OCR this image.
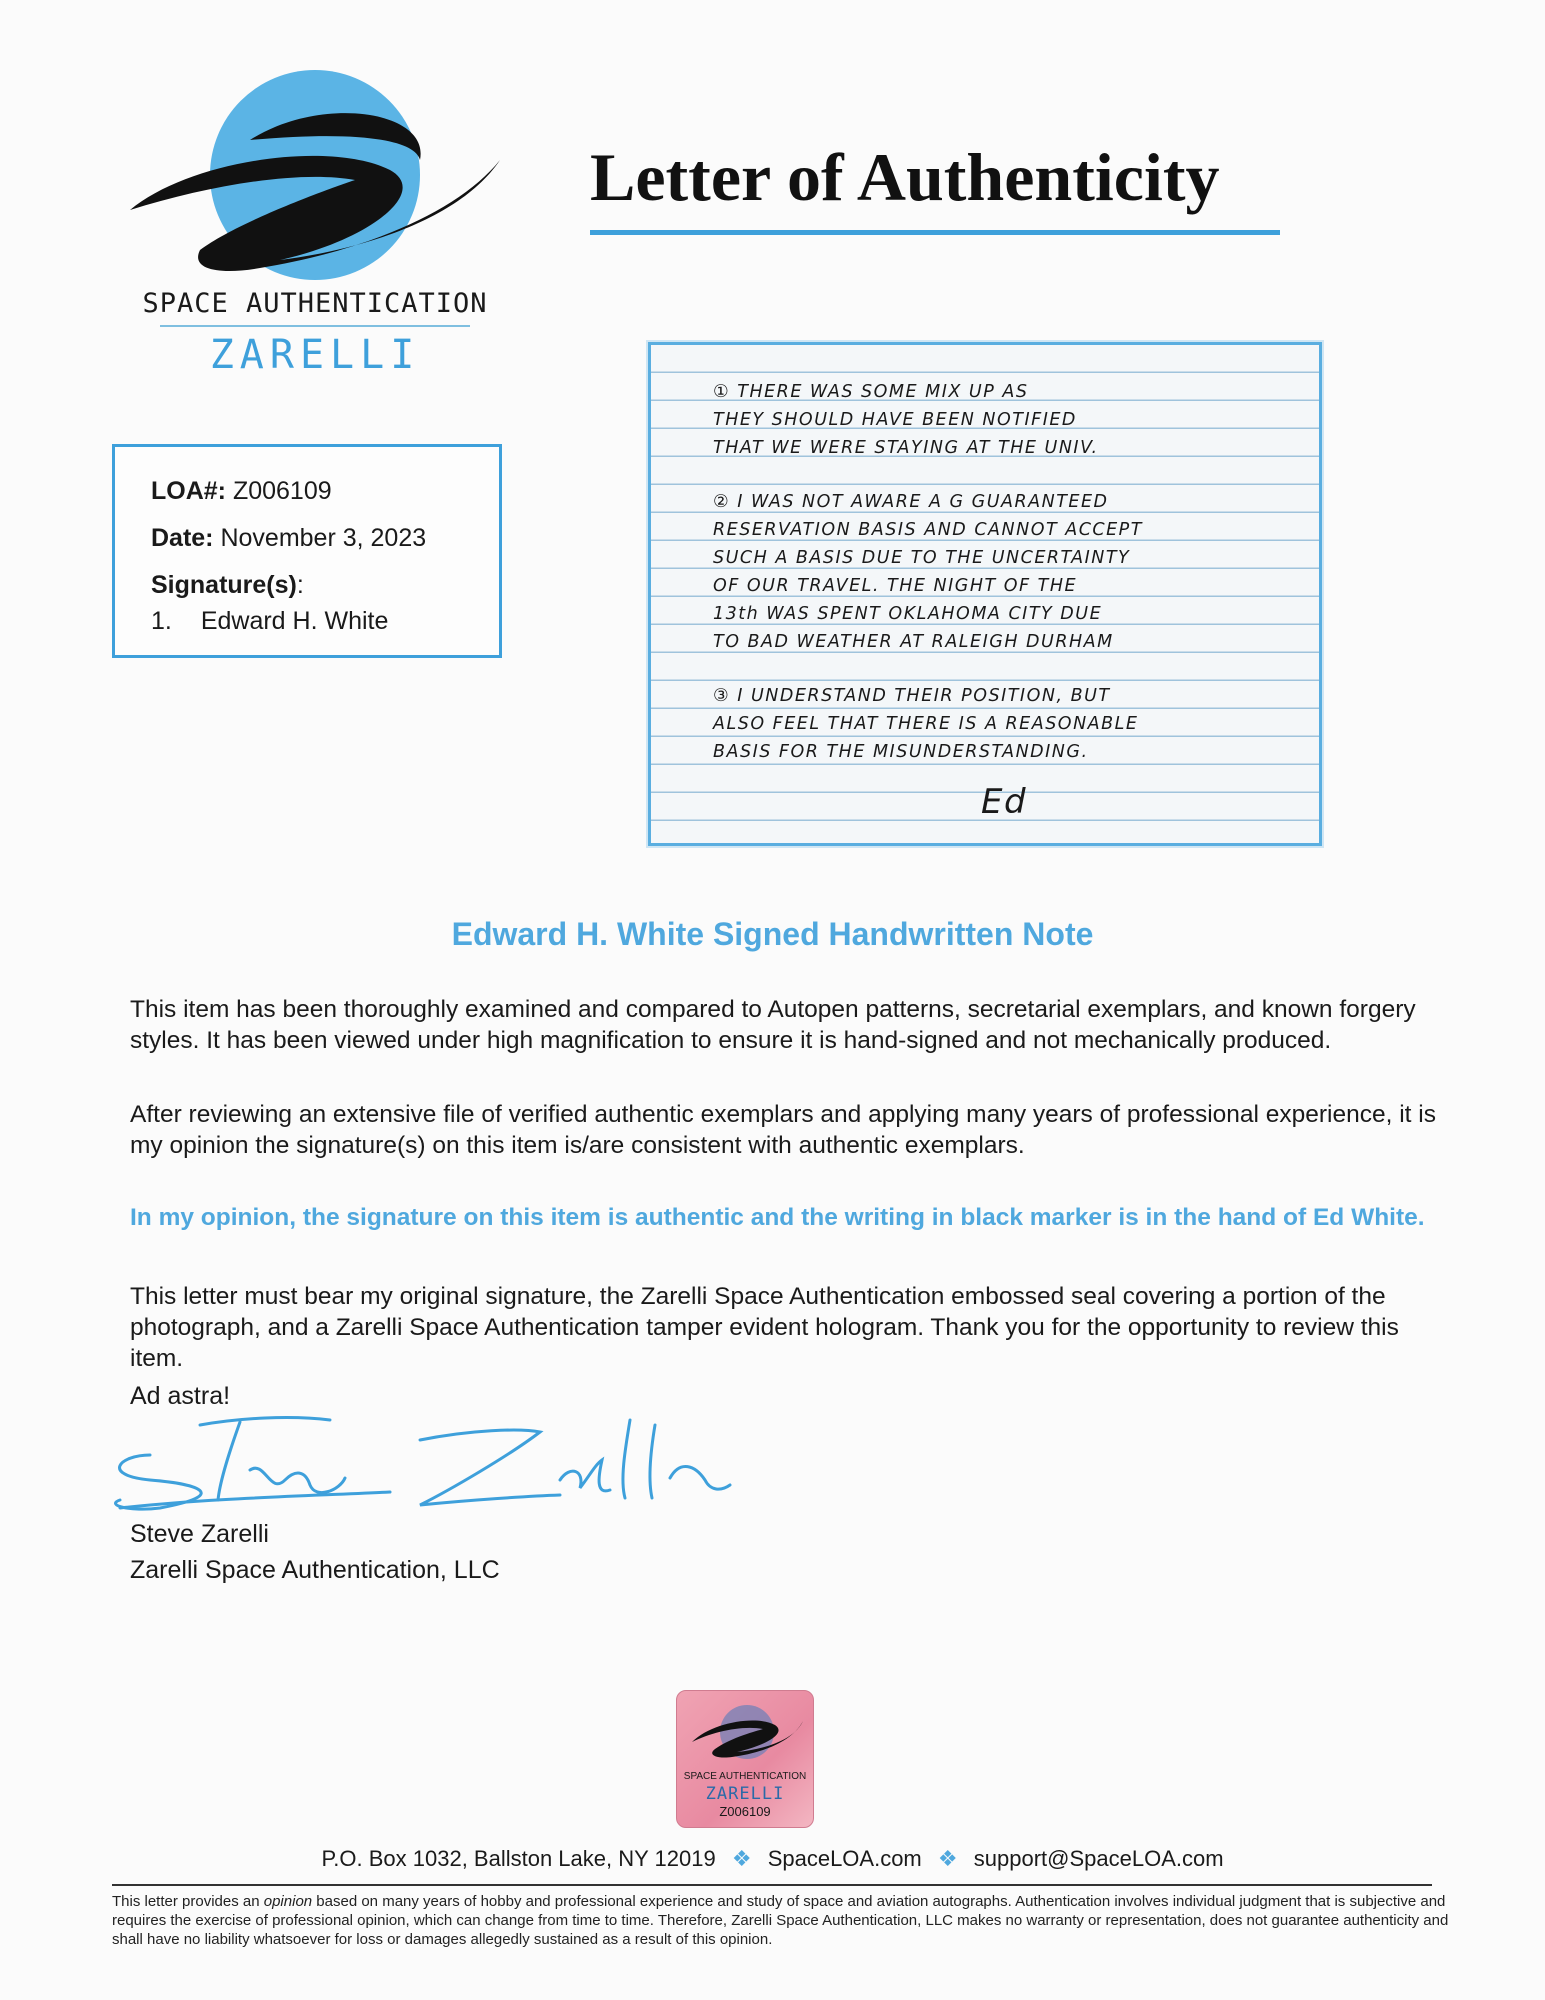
SPACE AUTHENTICATION
ZARELLI
Letter of Authenticity
LOA#: Z006109
Date: November 3, 2023
Signature(s):
1. Edward H. White
① THERE WAS SOME MIX UP AS
THEY SHOULD HAVE BEEN NOTIFIED
THAT WE WERE STAYING AT THE UNIV.
② I WAS NOT AWARE A G GUARANTEED
RESERVATION BASIS AND CANNOT ACCEPT
SUCH A BASIS DUE TO THE UNCERTAINTY
OF OUR TRAVEL. THE NIGHT OF THE
13th WAS SPENT OKLAHOMA CITY DUE
TO BAD WEATHER AT RALEIGH DURHAM
③ I UNDERSTAND THEIR POSITION, BUT
ALSO FEEL THAT THERE IS A REASONABLE
BASIS FOR THE MISUNDERSTANDING.
Ed
Edward H. White Signed Handwritten Note
This item has been thoroughly examined and compared to Autopen patterns, secretarial exemplars, and known forgery styles. It has been viewed under high magnification to ensure it is hand-signed and not mechanically produced.
After reviewing an extensive file of verified authentic exemplars and applying many years of professional experience, it is my opinion the signature(s) on this item is/are consistent with authentic exemplars.
In my opinion, the signature on this item is authentic and the writing in black marker is in the hand of Ed White.
This letter must bear my original signature, the Zarelli Space Authentication embossed seal covering a portion of the photograph, and a Zarelli Space Authentication tamper evident hologram. Thank you for the opportunity to review this item.
Ad astra!
Steve Zarelli
Steve Zarelli
Zarelli Space Authentication, LLC
SPACE AUTHENTICATION
ZARELLI
Z006109
P.O. Box 1032, Ballston Lake, NY 12019 ❖ SpaceLOA.com ❖ support@SpaceLOA.com
This letter provides an opinion based on many years of hobby and professional experience and study of space and aviation autographs. Authentication involves individual judgment that is subjective and requires the exercise of professional opinion, which can change from time to time. Therefore, Zarelli Space Authentication, LLC makes no warranty or representation, does not guarantee authenticity and shall have no liability whatsoever for loss or damages allegedly sustained as a result of this opinion.
